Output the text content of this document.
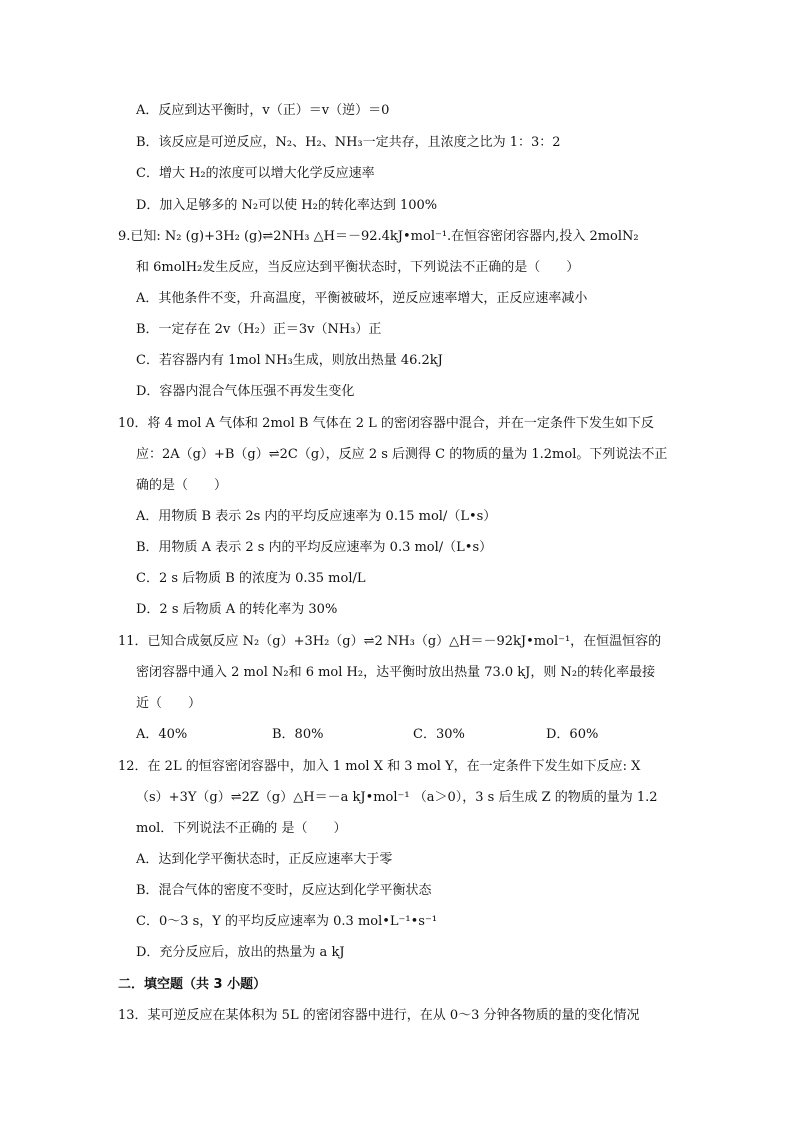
A．反应到达平衡时，v（正）＝v（逆）＝0
B．该反应是可逆反应，N₂、H₂、NH₃一定共存，且浓度之比为 1：3：2
C．增大 H₂的浓度可以增大化学反应速率
D．加入足够多的 N₂可以使 H₂的转化率达到 100%
9.已知: N₂ (g)+3H₂ (g)⇌2NH₃ △H＝－92.4kJ•mol⁻¹.在恒容密闭容器内,投入 2molN₂
和 6molH₂发生反应，当反应达到平衡状态时，下列说法不正确的是（　　）
A．其他条件不变，升高温度，平衡被破坏，逆反应速率增大，正反应速率减小
B．一定存在 2v（H₂）正＝3v（NH₃）正
C．若容器内有 1mol NH₃生成，则放出热量 46.2kJ
D．容器内混合气体压强不再发生变化
10．将 4 mol A 气体和 2mol B 气体在 2 L 的密闭容器中混合，并在一定条件下发生如下反
应：2A（g）+B（g）⇌2C（g），反应 2 s 后测得 C 的物质的量为 1.2mol。下列说法不正
确的是（　　）
A．用物质 B 表示 2s 内的平均反应速率为 0.15 mol/（L•s）
B．用物质 A 表示 2 s 内的平均反应速率为 0.3 mol/（L•s）
C．2 s 后物质 B 的浓度为 0.35 mol/L
D．2 s 后物质 A 的转化率为 30%
11．已知合成氨反应 N₂（g）+3H₂（g）⇌2 NH₃（g）△H＝－92kJ•mol⁻¹，在恒温恒容的
密闭容器中通入 2 mol N₂和 6 mol H₂，达平衡时放出热量 73.0 kJ，则 N₂的转化率最接
近（　　）
A．40%	B．80%	C．30%	D．60%
12．在 2L 的恒容密闭容器中，加入 1 mol X 和 3 mol Y，在一定条件下发生如下反应: X
（s）+3Y（g）⇌2Z（g）△H＝－a kJ•mol⁻¹ （a＞0），3 s 后生成 Z 的物质的量为 1.2
mol．下列说法不正确的 是（　　）
A．达到化学平衡状态时，正反应速率大于零
B．混合气体的密度不变时，反应达到化学平衡状态
C．0～3 s，Y 的平均反应速率为 0.3 mol•L⁻¹•s⁻¹
D．充分反应后，放出的热量为 a kJ
二．填空题（共 3 小题）
13．某可逆反应在某体积为 5L 的密闭容器中进行，在从 0～3 分钟各物质的量的变化情况
